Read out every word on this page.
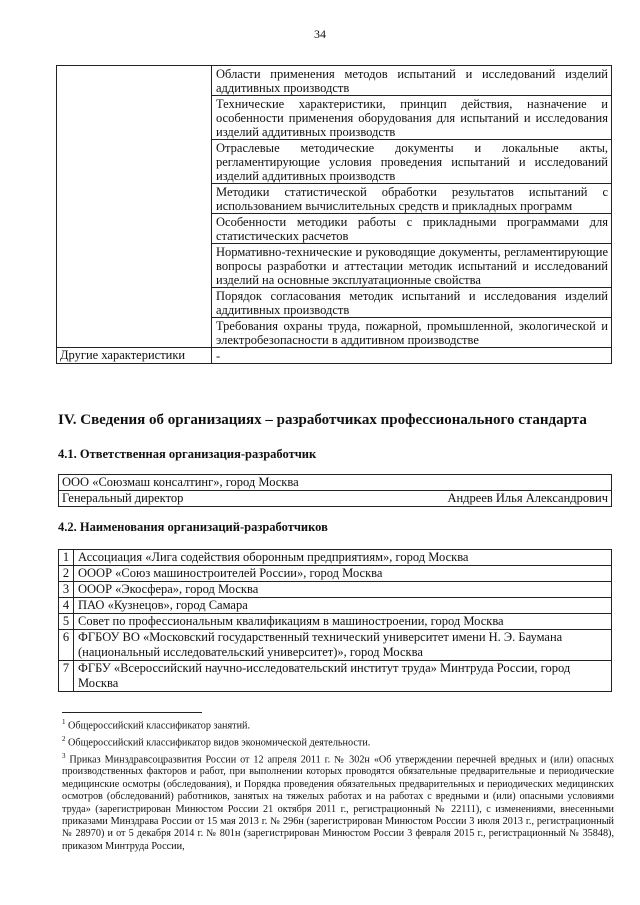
34
	Области применения методов испытаний и исследований изделий аддитивных производств
	Технические характеристики, принцип действия, назначение и особенности применения оборудования для испытаний и исследования изделий аддитивных производств
	Отраслевые методические документы и локальные акты, регламентирующие условия проведения испытаний и исследований изделий аддитивных производств
	Методики статистической обработки результатов испытаний с использованием вычислительных средств и прикладных программ
	Особенности методики работы с прикладными программами для статистических расчетов
	Нормативно-технические и руководящие документы, регламентирующие вопросы разработки и аттестации методик испытаний и исследований изделий на основные эксплуатационные свойства
	Порядок согласования методик испытаний и исследования изделий аддитивных производств
	Требования охраны труда, пожарной, промышленной, экологической и электробезопасности в аддитивном производстве
Другие характеристики	-
IV. Сведения об организациях – разработчиках профессионального стандарта
4.1. Ответственная организация-разработчик
ООО «Союзмаш консалтинг», город Москва

Генеральный директор	Андреев Илья Александрович
4.2. Наименования организаций-разработчиков
1	Ассоциация «Лига содействия оборонным предприятиям», город Москва
2	ОООР «Союз машиностроителей России», город Москва
3	ОООР «Экосфера», город Москва
4	ПАО «Кузнецов», город Самара
5	Совет по профессиональным квалификациям в машиностроении, город Москва
6	ФГБОУ ВО «Московский государственный технический университет имени Н. Э. Баумана (национальный исследовательский университет)», город Москва
7	ФГБУ «Всероссийский научно-исследовательский институт труда» Минтруда России, город Москва

$^1$ Общероссийский классификатор занятий.

$^2$ Общероссийский классификатор видов экономической деятельности.

$^3$ Приказ Минздравсоцразвития России от 12 апреля 2011 г. № 302н «Об утверждении перечней вредных и (или) опасных производственных факторов и работ, при выполнении которых проводятся обязательные предварительные и периодические медицинские осмотры (обследования), и Порядка проведения обязательных предварительных и периодических медицинских осмотров (обследований) работников, занятых на тяжелых работах и на работах с вредными и (или) опасными условиями труда» (зарегистрирован Минюстом России 21 октября 2011 г., регистрационный № 22111), с изменениями, внесенными приказами Минздрава России от 15 мая 2013 г. № 296н (зарегистрирован Минюстом России 3 июля 2013 г., регистрационный № 28970) и от 5 декабря 2014 г. № 801н (зарегистрирован Минюстом России 3 февраля 2015 г., регистрационный № 35848), приказом Минтруда России,
